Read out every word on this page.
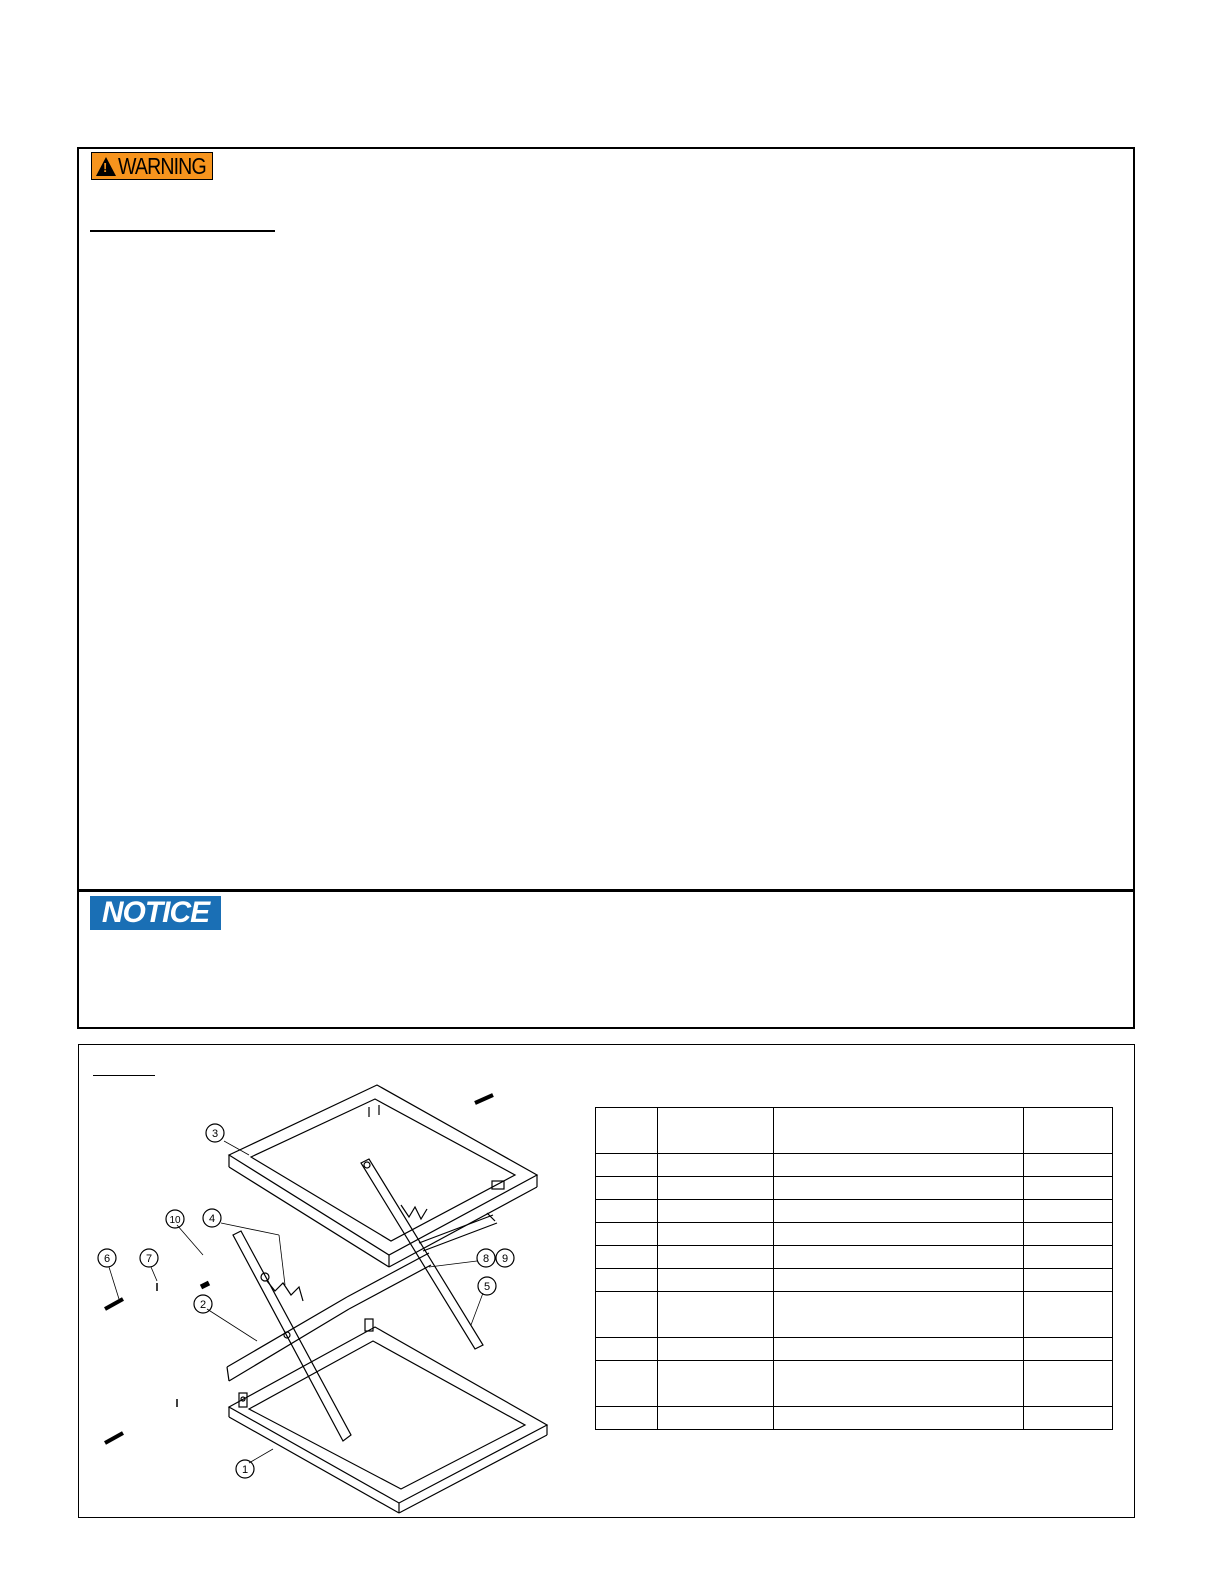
!
WARNING
NOTICE
3
4
10
6	7
2
8 9
5
1
